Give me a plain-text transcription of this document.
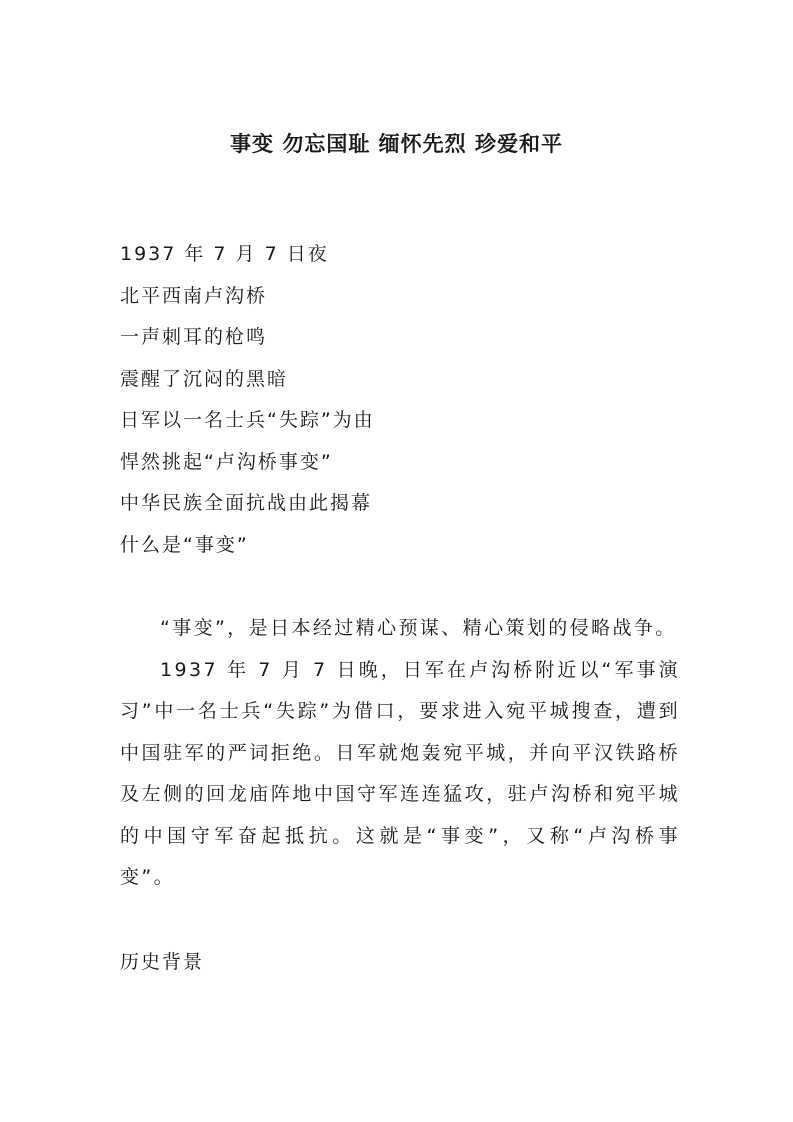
事变 勿忘国耻 缅怀先烈 珍爱和平
1937 年 7 月 7 日夜
北平西南卢沟桥
一声刺耳的枪鸣
震醒了沉闷的黑暗
日军以一名士兵“失踪”为由
悍然挑起“卢沟桥事变”
中华民族全面抗战由此揭幕
什么是“事变”

“事变”，是日本经过精心预谋、精心策划的侵略战争。

1937 年 7 月 7 日晚，日军在卢沟桥附近以“军事演习”中一名士兵“失踪”为借口，要求进入宛平城搜查，遭到中国驻军的严词拒绝。日军就炮轰宛平城，并向平汉铁路桥及左侧的回龙庙阵地中国守军连连猛攻，驻卢沟桥和宛平城的中国守军奋起抵抗。这就是“事变”，又称“卢沟桥事变”。

历史背景
